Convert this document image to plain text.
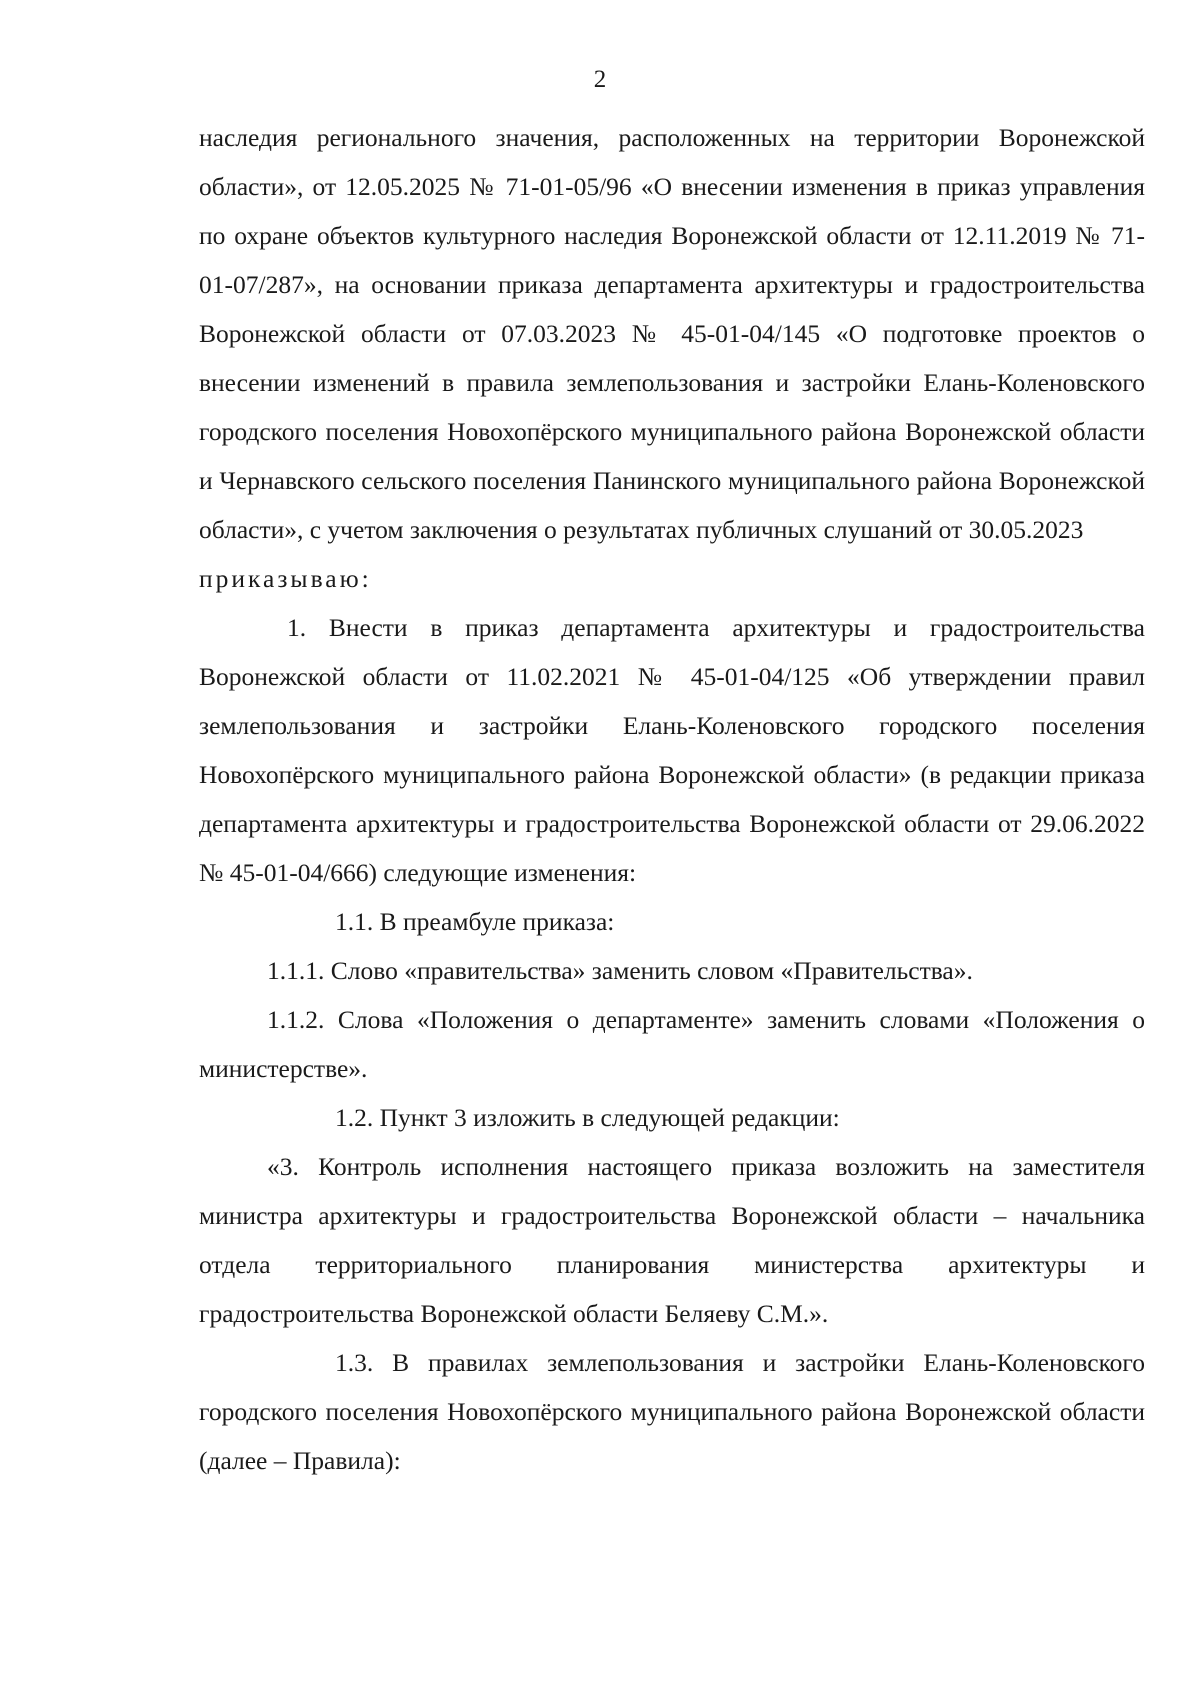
2

наследия регионального значения, расположенных на территории Воронежской области», от 12.05.2025 № 71-01-05/96 «О внесении изменения в приказ управления по охране объектов культурного наследия Воронежской области от 12.11.2019 № 71-01-07/287», на основании приказа департамента архитектуры и градостроительства Воронежской области от 07.03.2023 № 45-01-04/145 «О подготовке проектов о внесении изменений в правила землепользования и застройки Елань-Коленовского городского поселения Новохопёрского муниципального района Воронежской области и Чернавского сельского поселения Панинского муниципального района Воронежской области», с учетом заключения о результатах публичных слушаний от 30.05.2023

приказываю:

1. Внести в приказ департамента архитектуры и градостроительства Воронежской области от 11.02.2021 № 45-01-04/125 «Об утверждении правил землепользования и застройки Елань-Коленовского городского поселения Новохопёрского муниципального района Воронежской области» (в редакции приказа департамента архитектуры и градостроительства Воронежской области от 29.06.2022 № 45-01-04/666) следующие изменения:

1.1. В преамбуле приказа:

1.1.1. Слово «правительства» заменить словом «Правительства».

1.1.2. Слова «Положения о департаменте» заменить словами «Положения о министерстве».

1.2. Пункт 3 изложить в следующей редакции:

«3. Контроль исполнения настоящего приказа возложить на заместителя министра архитектуры и градостроительства Воронежской области – начальника отдела территориального планирования министерства архитектуры и градостроительства Воронежской области Беляеву С.М.».

1.3. В правилах землепользования и застройки Елань-Коленовского городского поселения Новохопёрского муниципального района Воронежской области (далее – Правила):
